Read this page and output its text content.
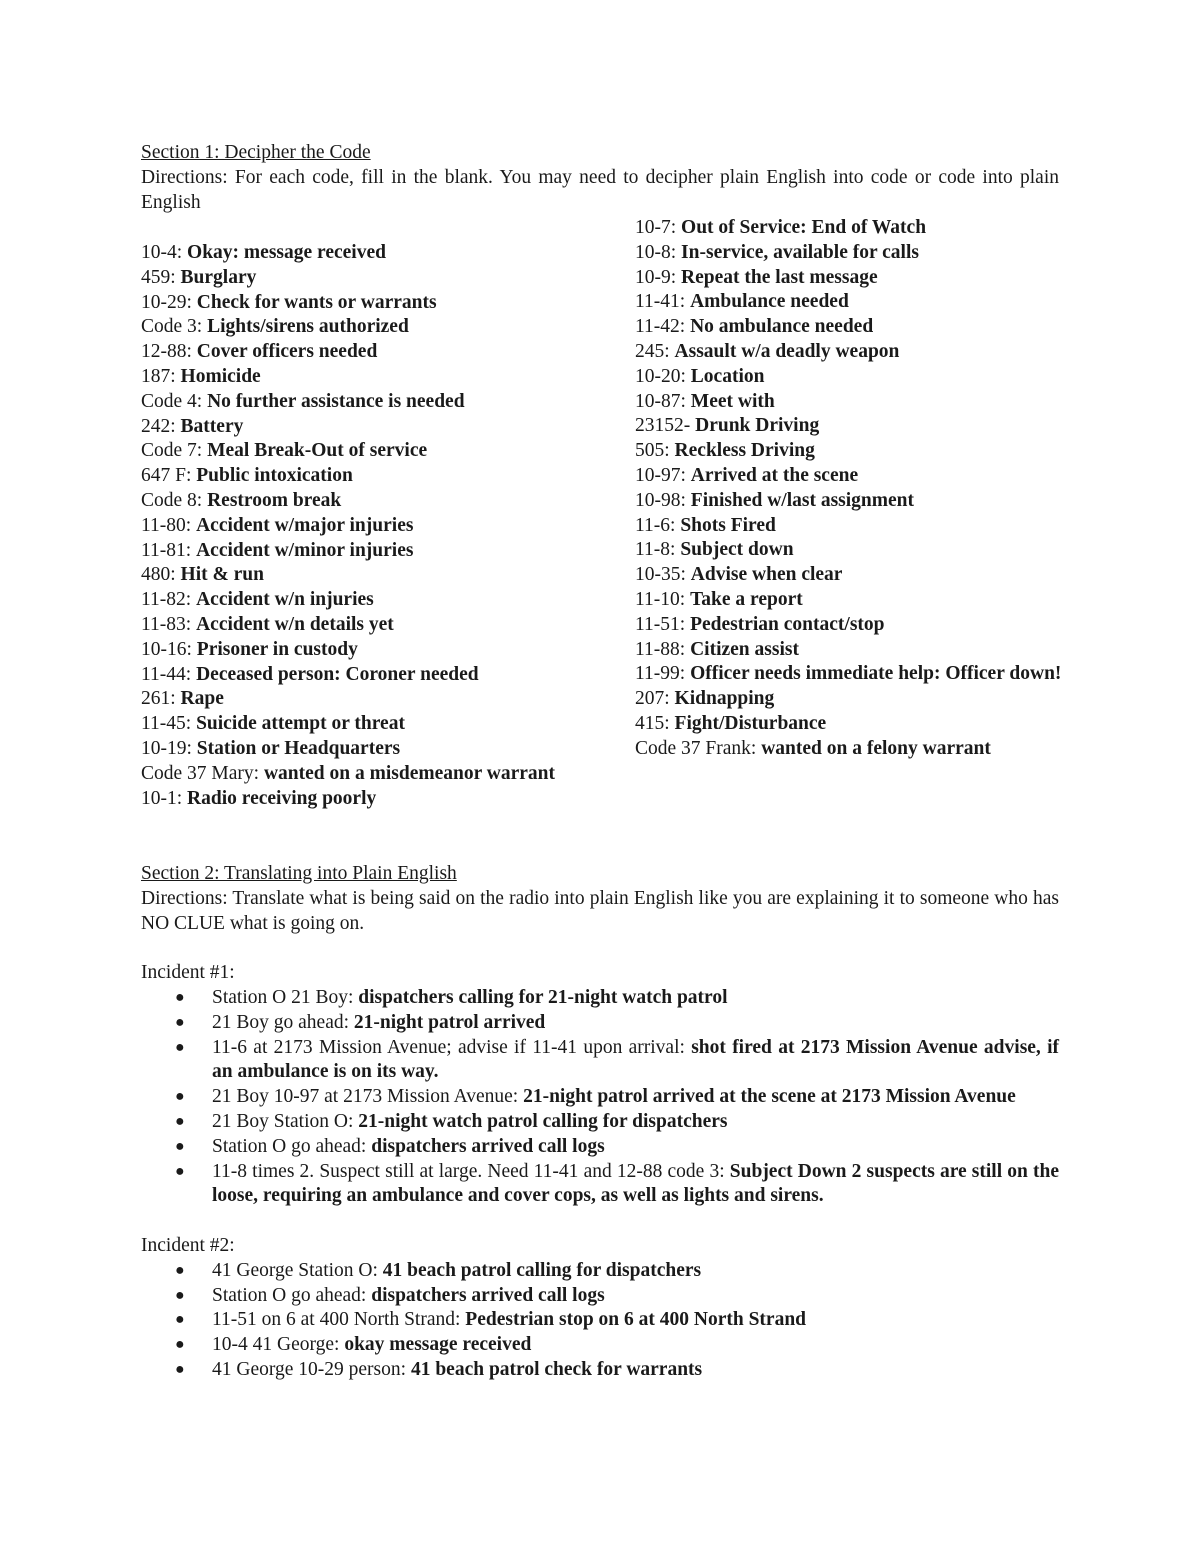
Section 1: Decipher the Code
Directions: For each code, fill in the blank. You may need to decipher plain English into code or code into plain English
10-4: Okay: message received
459: Burglary
10-29: Check for wants or warrants
Code 3: Lights/sirens authorized
12-88: Cover officers needed
187: Homicide
Code 4: No further assistance is needed
242: Battery
Code 7: Meal Break-Out of service
647 F: Public intoxication
Code 8: Restroom break
11-80: Accident w/major injuries
11-81: Accident w/minor injuries
480: Hit & run
11-82: Accident w/n injuries
11-83: Accident w/n details yet
10-16: Prisoner in custody
11-44: Deceased person: Coroner needed
261: Rape
11-45: Suicide attempt or threat
10-19: Station or Headquarters
Code 37 Mary: wanted on a misdemeanor warrant
10-1: Radio receiving poorly
10-7: Out of Service: End of Watch
10-8: In-service, available for calls
10-9: Repeat the last message
11-41: Ambulance needed
11-42: No ambulance needed
245: Assault w/a deadly weapon
10-20: Location
10-87: Meet with
23152- Drunk Driving
505: Reckless Driving
10-97: Arrived at the scene
10-98: Finished w/last assignment
11-6: Shots Fired
11-8: Subject down
10-35: Advise when clear
11-10: Take a report
11-51: Pedestrian contact/stop
11-88: Citizen assist
11-99: Officer needs immediate help: Officer down!
207: Kidnapping
415: Fight/Disturbance
Code 37 Frank: wanted on a felony warrant
Section 2: Translating into Plain English
Directions: Translate what is being said on the radio into plain English like you are explaining it to someone who has NO CLUE what is going on.
Incident #1:
● Station O 21 Boy: dispatchers calling for 21-night watch patrol
● 21 Boy go ahead: 21-night patrol arrived
● 11-6 at 2173 Mission Avenue; advise if 11-41 upon arrival: shot fired at 2173 Mission Avenue advise, if an ambulance is on its way.
● 21 Boy 10-97 at 2173 Mission Avenue: 21-night patrol arrived at the scene at 2173 Mission Avenue
● 21 Boy Station O: 21-night watch patrol calling for dispatchers
● Station O go ahead: dispatchers arrived call logs
● 11-8 times 2. Suspect still at large. Need 11-41 and 12-88 code 3: Subject Down 2 suspects are still on the loose, requiring an ambulance and cover cops, as well as lights and sirens.
Incident #2:
● 41 George Station O: 41 beach patrol calling for dispatchers
● Station O go ahead: dispatchers arrived call logs
● 11-51 on 6 at 400 North Strand: Pedestrian stop on 6 at 400 North Strand
● 10-4 41 George: okay message received
● 41 George 10-29 person: 41 beach patrol check for warrants
